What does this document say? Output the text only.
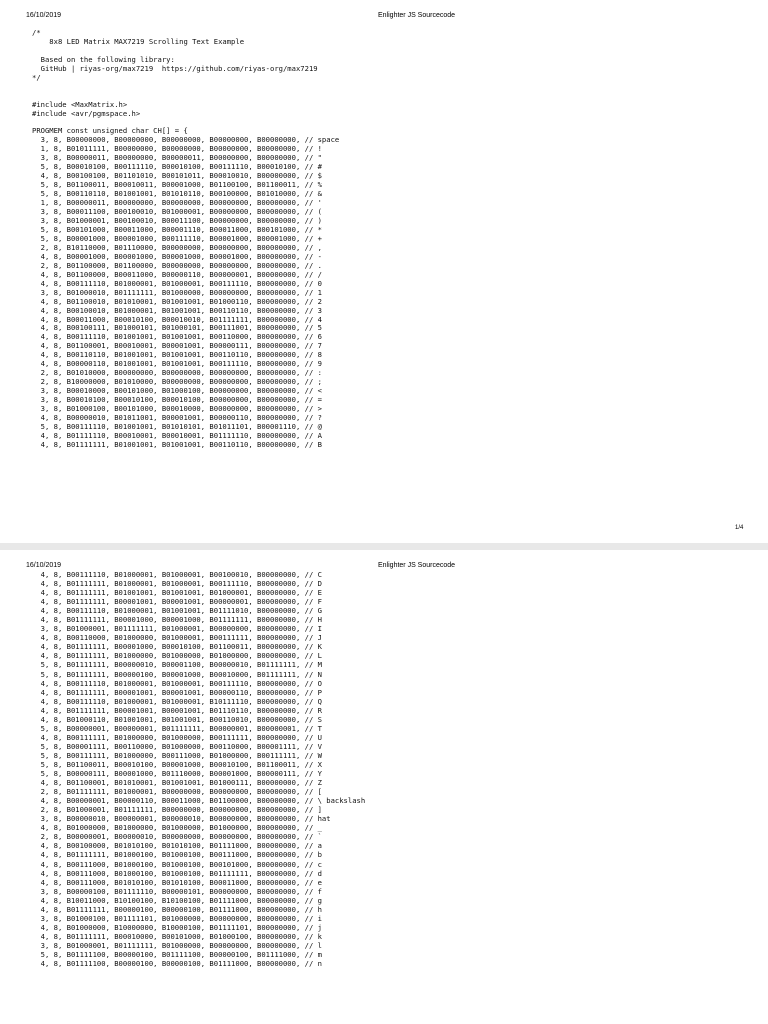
16/10/2019	Enlighter JS Sourcecode
/*
8x8 LED Matrix MAX7219 Scrolling Text Example

Based on the following library:
GitHub | riyas-org/max7219  https://github.com/riyas-org/max7219
*/

#include <MaxMatrix.h>
#include <avr/pgmspace.h>

PROGMEM const unsigned char CH[] = {
3, 8, B00000000, B00000000, B00000000, B00000000, B00000000, // space
1, 8, B01011111, B00000000, B00000000, B00000000, B00000000, // !
3, 8, B00000011, B00000000, B00000011, B00000000, B00000000, // "
5, 8, B00010100, B00111110, B00010100, B00111110, B00010100, // #
4, 8, B00100100, B01101010, B00101011, B00010010, B00000000, // $
5, 8, B01100011, B00010011, B00001000, B01100100, B01100011, // %
5, 8, B00110110, B01001001, B01010110, B00100000, B01010000, // &
1, 8, B00000011, B00000000, B00000000, B00000000, B00000000, // '
3, 8, B00011100, B00100010, B01000001, B00000000, B00000000, // (
3, 8, B01000001, B00100010, B00011100, B00000000, B00000000, // )
5, 8, B00101000, B00011000, B00001110, B00011000, B00101000, // *
5, 8, B00001000, B00001000, B00111110, B00001000, B00001000, // +
2, 8, B10110000, B01110000, B00000000, B00000000, B00000000, // ,
4, 8, B00001000, B00001000, B00001000, B00001000, B00000000, // -
2, 8, B01100000, B01100000, B00000000, B00000000, B00000000, // .
4, 8, B01100000, B00011000, B00000110, B00000001, B00000000, // /
4, 8, B00111110, B01000001, B01000001, B00111110, B00000000, // 0
3, 8, B01000010, B01111111, B01000000, B00000000, B00000000, // 1
4, 8, B01100010, B01010001, B01001001, B01000110, B00000000, // 2
4, 8, B00100010, B01000001, B01001001, B00110110, B00000000, // 3
4, 8, B00011000, B00010100, B00010010, B01111111, B00000000, // 4
4, 8, B00100111, B01000101, B01000101, B00111001, B00000000, // 5
4, 8, B00111110, B01001001, B01001001, B00110000, B00000000, // 6
4, 8, B01100001, B00010001, B00001001, B00000111, B00000000, // 7
4, 8, B00110110, B01001001, B01001001, B00110110, B00000000, // 8
4, 8, B00000110, B01001001, B01001001, B00111110, B00000000, // 9
2, 8, B01010000, B00000000, B00000000, B00000000, B00000000, // :
2, 8, B10000000, B01010000, B00000000, B00000000, B00000000, // ;
3, 8, B00010000, B00101000, B01000100, B00000000, B00000000, // <
3, 8, B00010100, B00010100, B00010100, B00000000, B00000000, // =
3, 8, B01000100, B00101000, B00010000, B00000000, B00000000, // >
4, 8, B00000010, B01011001, B00001001, B00000110, B00000000, // ?
5, 8, B00111110, B01001001, B01010101, B01011101, B00001110, // @
4, 8, B01111110, B00010001, B00010001, B01111110, B00000000, // A
4, 8, B01111111, B01001001, B01001001, B00110110, B00000000, // B
1/4
16/10/2019	Enlighter JS Sourcecode
4, 8, B00111110, B01000001, B01000001, B00100010, B00000000, // C
4, 8, B01111111, B01000001, B01000001, B00111110, B00000000, // D
4, 8, B01111111, B01001001, B01001001, B01000001, B00000000, // E
4, 8, B01111111, B00001001, B00001001, B00000001, B00000000, // F
4, 8, B00111110, B01000001, B01001001, B01111010, B00000000, // G
4, 8, B01111111, B00001000, B00001000, B01111111, B00000000, // H
3, 8, B01000001, B01111111, B01000001, B00000000, B00000000, // I
4, 8, B00110000, B01000000, B01000001, B00111111, B00000000, // J
4, 8, B01111111, B00001000, B00010100, B01100011, B00000000, // K
4, 8, B01111111, B01000000, B01000000, B01000000, B00000000, // L
5, 8, B01111111, B00000010, B00001100, B00000010, B01111111, // M
5, 8, B01111111, B00000100, B00001000, B00010000, B01111111, // N
4, 8, B00111110, B01000001, B01000001, B00111110, B00000000, // O
4, 8, B01111111, B00001001, B00001001, B00000110, B00000000, // P
4, 8, B00111110, B01000001, B01000001, B10111110, B00000000, // Q
4, 8, B01111111, B00001001, B00001001, B01110110, B00000000, // R
4, 8, B01000110, B01001001, B01001001, B00110010, B00000000, // S
5, 8, B00000001, B00000001, B01111111, B00000001, B00000001, // T
4, 8, B00111111, B01000000, B01000000, B00111111, B00000000, // U
5, 8, B00001111, B00110000, B01000000, B00110000, B00001111, // V
5, 8, B00111111, B01000000, B00111000, B01000000, B00111111, // W
5, 8, B01100011, B00010100, B00001000, B00010100, B01100011, // X
5, 8, B00000111, B00001000, B01110000, B00001000, B00000111, // Y
4, 8, B01100001, B01010001, B01001001, B01000111, B00000000, // Z
2, 8, B01111111, B01000001, B00000000, B00000000, B00000000, // [
4, 8, B00000001, B00000110, B00011000, B01100000, B00000000, // \ backslash
2, 8, B01000001, B01111111, B00000000, B00000000, B00000000, // ]
3, 8, B00000010, B00000001, B00000010, B00000000, B00000000, // hat
4, 8, B01000000, B01000000, B01000000, B01000000, B00000000, // _
2, 8, B00000001, B00000010, B00000000, B00000000, B00000000, // `
4, 8, B00100000, B01010100, B01010100, B01111000, B00000000, // a
4, 8, B01111111, B01000100, B01000100, B00111000, B00000000, // b
4, 8, B00111000, B01000100, B01000100, B00101000, B00000000, // c
4, 8, B00111000, B01000100, B01000100, B01111111, B00000000, // d
4, 8, B00111000, B01010100, B01010100, B00011000, B00000000, // e
3, 8, B00000100, B01111110, B00000101, B00000000, B00000000, // f
4, 8, B10011000, B10100100, B10100100, B01111000, B00000000, // g
4, 8, B01111111, B00000100, B00000100, B01111000, B00000000, // h
3, 8, B01000100, B01111101, B01000000, B00000000, B00000000, // i
4, 8, B01000000, B10000000, B10000100, B01111101, B00000000, // j
4, 8, B01111111, B00010000, B00101000, B01000100, B00000000, // k
3, 8, B01000001, B01111111, B01000000, B00000000, B00000000, // l
5, 8, B01111100, B00000100, B01111100, B00000100, B01111000, // m
4, 8, B01111100, B00000100, B00000100, B01111000, B00000000, // n
